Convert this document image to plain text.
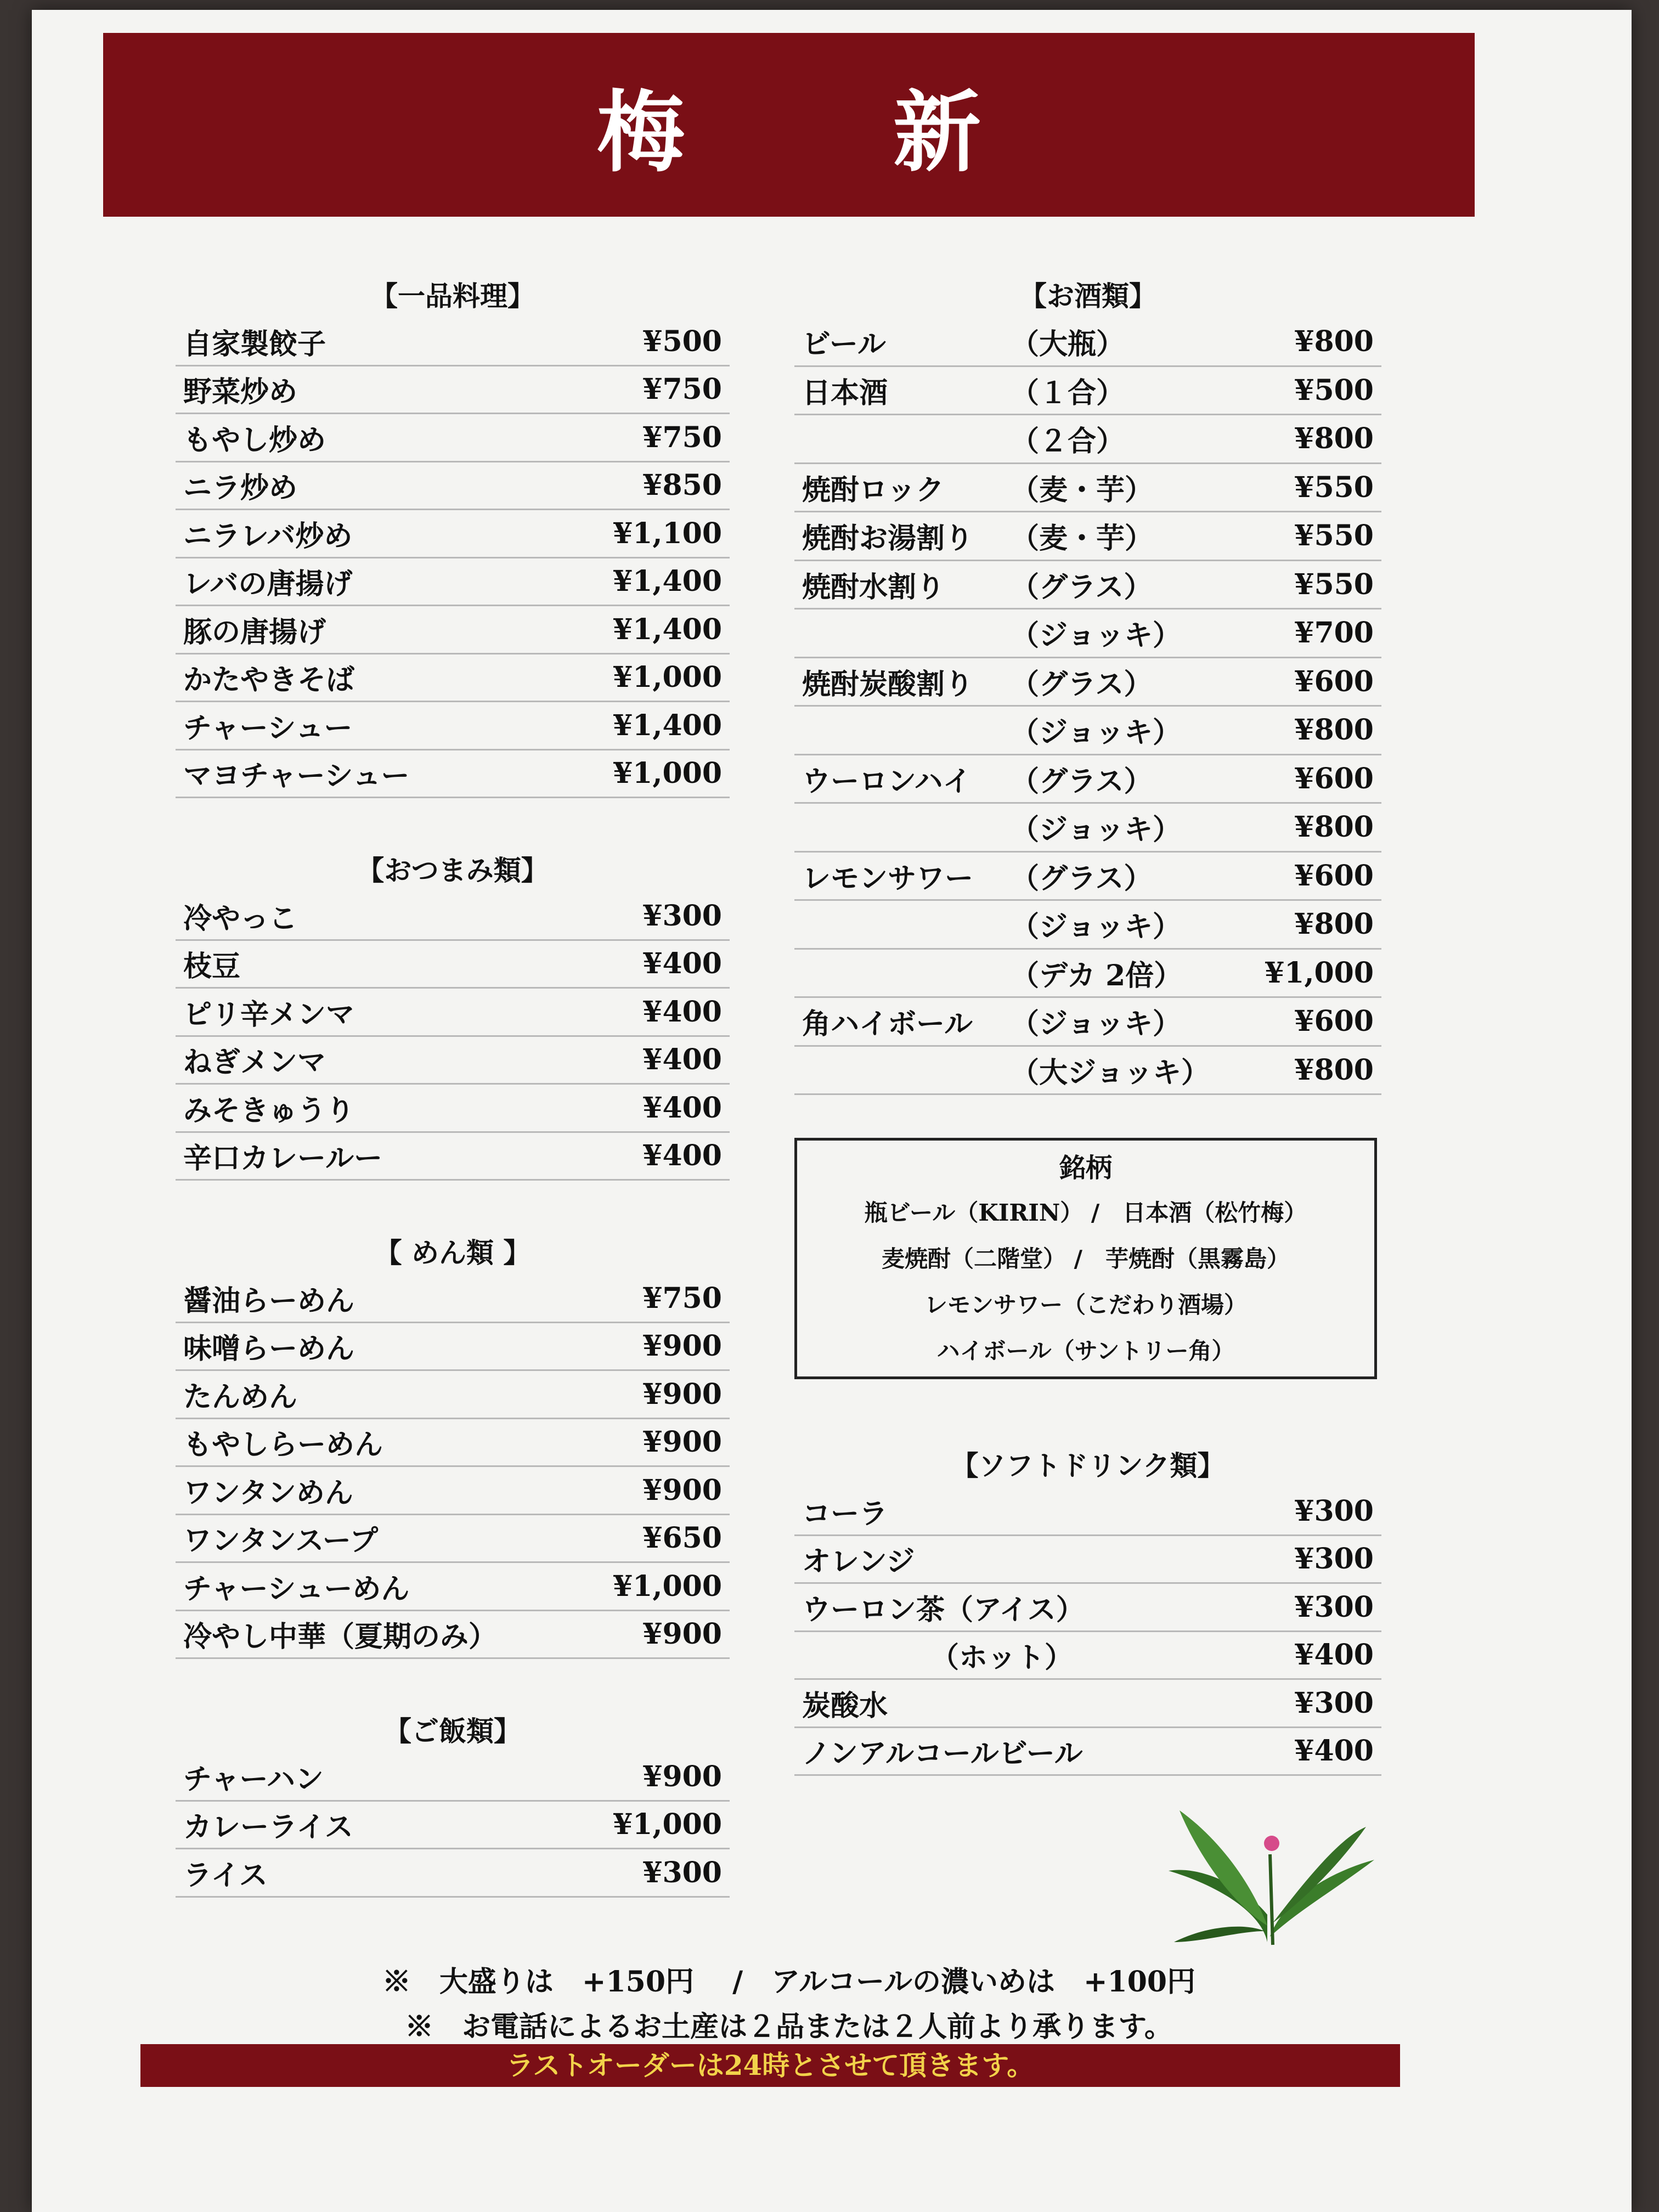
梅　新
【一品料理】
自家製餃子	¥500
野菜炒め	¥750
もやし炒め	¥750
ニラ炒め	¥850
ニラレバ炒め	¥1,100
レバの唐揚げ	¥1,400
豚の唐揚げ	¥1,400
かたやきそば	¥1,000
チャーシュー	¥1,400
マヨチャーシュー	¥1,000
【おつまみ類】
冷やっこ	¥300
枝豆	¥400
ピリ辛メンマ	¥400
ねぎメンマ	¥400
みそきゅうり	¥400
辛口カレールー	¥400
【 めん類 】
醤油らーめん	¥750
味噌らーめん	¥900
たんめん	¥900
もやしらーめん	¥900
ワンタンめん	¥900
ワンタンスープ	¥650
チャーシューめん	¥1,000
冷やし中華（夏期のみ）	¥900
【ご飯類】
チャーハン	¥900
カレーライス	¥1,000
ライス	¥300
【お酒類】
ビール	（大瓶）	¥800
日本酒	（１合）	¥500
（２合）	¥800
焼酎ロック	（麦・芋）	¥550
焼酎お湯割り	（麦・芋）	¥550
焼酎水割り	（グラス）	¥550
（ジョッキ）	¥700
焼酎炭酸割り	（グラス）	¥600
（ジョッキ）	¥800
ウーロンハイ	（グラス）	¥600
（ジョッキ）	¥800
レモンサワー	（グラス）	¥600
（ジョッキ）	¥800
（デカ 2倍）	¥1,000
角ハイボール	（ジョッキ）	¥600
（大ジョッキ）	¥800
銘柄
瓶ビール（KIRIN） /　日本酒（松竹梅）
麦焼酎（二階堂） /　芋焼酎（黒霧島）
レモンサワー（こだわり酒場）
ハイボール（サントリー角）
【ソフトドリンク類】
コーラ	¥300
オレンジ	¥300
ウーロン茶（アイス）	¥300
　　　　　（ホット）	¥400
炭酸水	¥300
ノンアルコールビール	¥400
※　大盛りは　+150円　 /　アルコールの濃いめは　+100円
※　お電話によるお土産は２品または２人前より承ります。
ラストオーダーは24時とさせて頂きます。
